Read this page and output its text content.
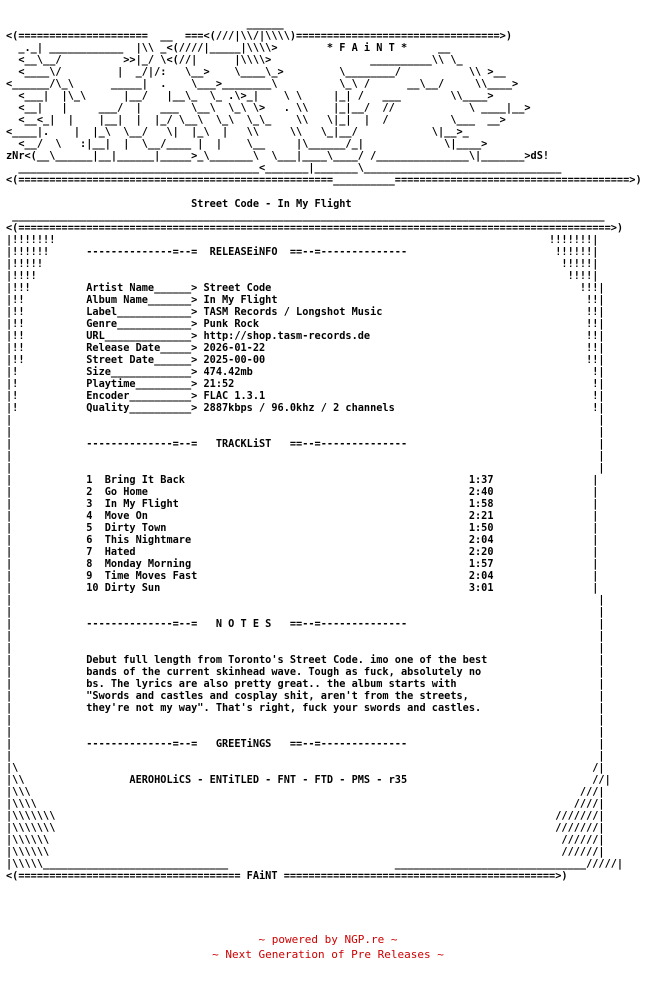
______
<(=====================  __  ===<(///|\\/|\\\\)=================================>)
_._| ____________  |\\ _<(////|_____|\\\\>        * F A i N T *     __
<__\__/          >>|_/ \<(//|      |\\\\>                __________\\ \_
<____\/         |  _/|/:   \__>    \____\_>         \________/           \\ >__
<______/\_\      _____|  .    \___>________\          \_\ /      __\__/     \\____>
<___|  |\_\      |__/   |__\_  \_ .\>_|    \ \     |_| /   ___        \\____>
<__|   |     ___/  |   ___  \__\  \_\ \>   . \\    |_|__/  //            \ ____|__>
<__<_|  |    |__|  |  |_/ \__\  \_\  \_\_    \\   \|_|  |  /          \___  __>
<____|.    |  |_\  \__/   \|  |_\  |   \\     \\   \_|__/            \|__>_
<__/  \   :|__|  |  \__/____ |  |    \__     |\______/_|             \|____>
zNr<(__\______|__|______|_____>_\_______\  \___|____\____/ /_______________\|_______>dS!
_______________________________________<_______|_______\________________________________
<(===================================================__________======================================>)

Street Code - In My Flight
________________________________________________________________________________________________
<(================================================================================================>)
|!!!!!!!                                                                                !!!!!!!|
|!!!!!!      --------------=--=  RELEASEiNFO  ==--=--------------                        !!!!!!|
|!!!!!                                                                                    !!!!!|
|!!!!                                                                                      !!!!|
|!!!         Artist Name______> Street Code                                                  !!!|
|!!          Album Name_______> In My Flight                                                  !!|
|!!          Label____________> TASM Records / Longshot Music                                 !!|
|!!          Genre____________> Punk Rock                                                     !!|
|!!          URL______________> http://shop.tasm-records.de                                   !!|
|!!          Release Date_____> 2026-01-22                                                    !!|
|!!          Street Date______> 2025-00-00                                                    !!|
|!           Size_____________> 474.42mb                                                       !|
|!           Playtime_________> 21:52                                                          !|
|!           Encoder__________> FLAC 1.3.1                                                     !|
|!           Quality__________> 2887kbps / 96.0khz / 2 channels                                !|
|                                                                                               |
|                                                                                               |
|            --------------=--=   TRACKLiST   ==--=--------------                               |
|                                                                                               |
|                                                                                               |
|            1  Bring It Back                                              1:37                |
|            2  Go Home                                                    2:40                |
|            3  In My Flight                                               1:58                |
|            4  Move On                                                    2:21                |
|            5  Dirty Town                                                 1:50                |
|            6  This Nightmare                                             2:04                |
|            7  Hated                                                      2:20                |
|            8  Monday Morning                                             1:57                |
|            9  Time Moves Fast                                            2:04                |
|            10 Dirty Sun                                                  3:01                |
|                                                                                               |
|                                                                                               |
|            --------------=--=   N O T E S   ==--=--------------                               |
|                                                                                               |
|                                                                                               |
|            Debut full length from Toronto's Street Code. imo one of the best                  |
|            bands of the current skinhead wave. Tough as fuck, absolutely no                   |
|            bs. The lyrics are also pretty great.. the album starts with                       |
|            "Swords and castles and cosplay shit, aren't from the streets,                     |
|            they're not my way". That's right, fuck your swords and castles.                   |
|                                                                                               |
|                                                                                               |
|            --------------=--=   GREETiNGS   ==--=--------------                               |
|                                                                                               |
|\                                                                                             /|
|\\                 AEROHOLiCS - ENTiTLED - FNT - FTD - PMS - r35                              //|
|\\\                                                                                         ///|
|\\\\                                                                                       ////|
|\\\\\\\                                                                                 ///////|
|\\\\\\\                                                                                 ///////|
|\\\\\\                                                                                   //////|
|\\\\\\                                                                                   //////|
|\\\\\______________________________                           _______________________________/////|
<(==================================== FAiNT ============================================>)
~ powered by NGP.re ~
~ Next Generation of Pre Releases ~
